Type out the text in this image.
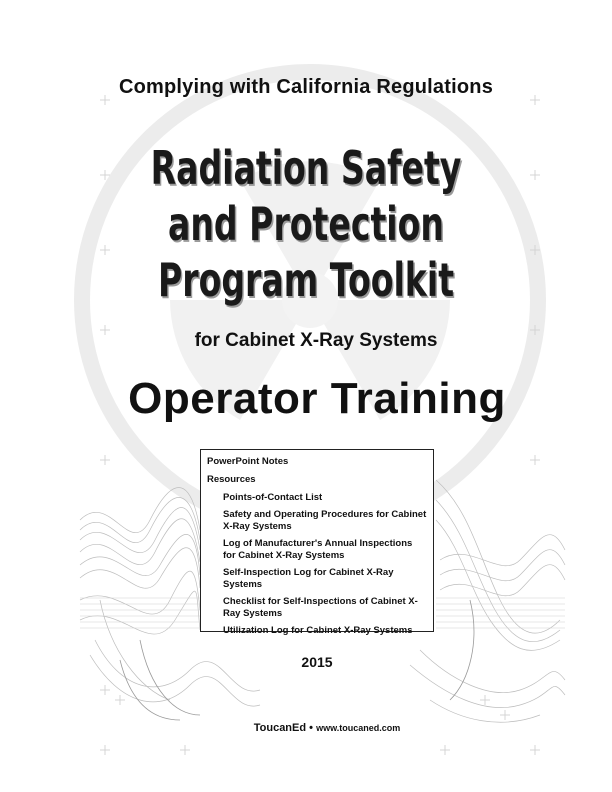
Complying with California Regulations
Radiation Safety
and Protection
Program Toolkit
for Cabinet X-Ray Systems
Operator Training
PowerPoint Notes
Resources
Points-of-Contact List
Safety and Operating Procedures for Cabinet X-Ray Systems
Log of Manufacturer's Annual Inspections for Cabinet X-Ray Systems
Self-Inspection Log for Cabinet X-Ray Systems
Checklist for Self-Inspections of Cabinet X-Ray Systems
Utilization Log for Cabinet X-Ray Systems
2015
ToucanEd • www.toucaned.com
